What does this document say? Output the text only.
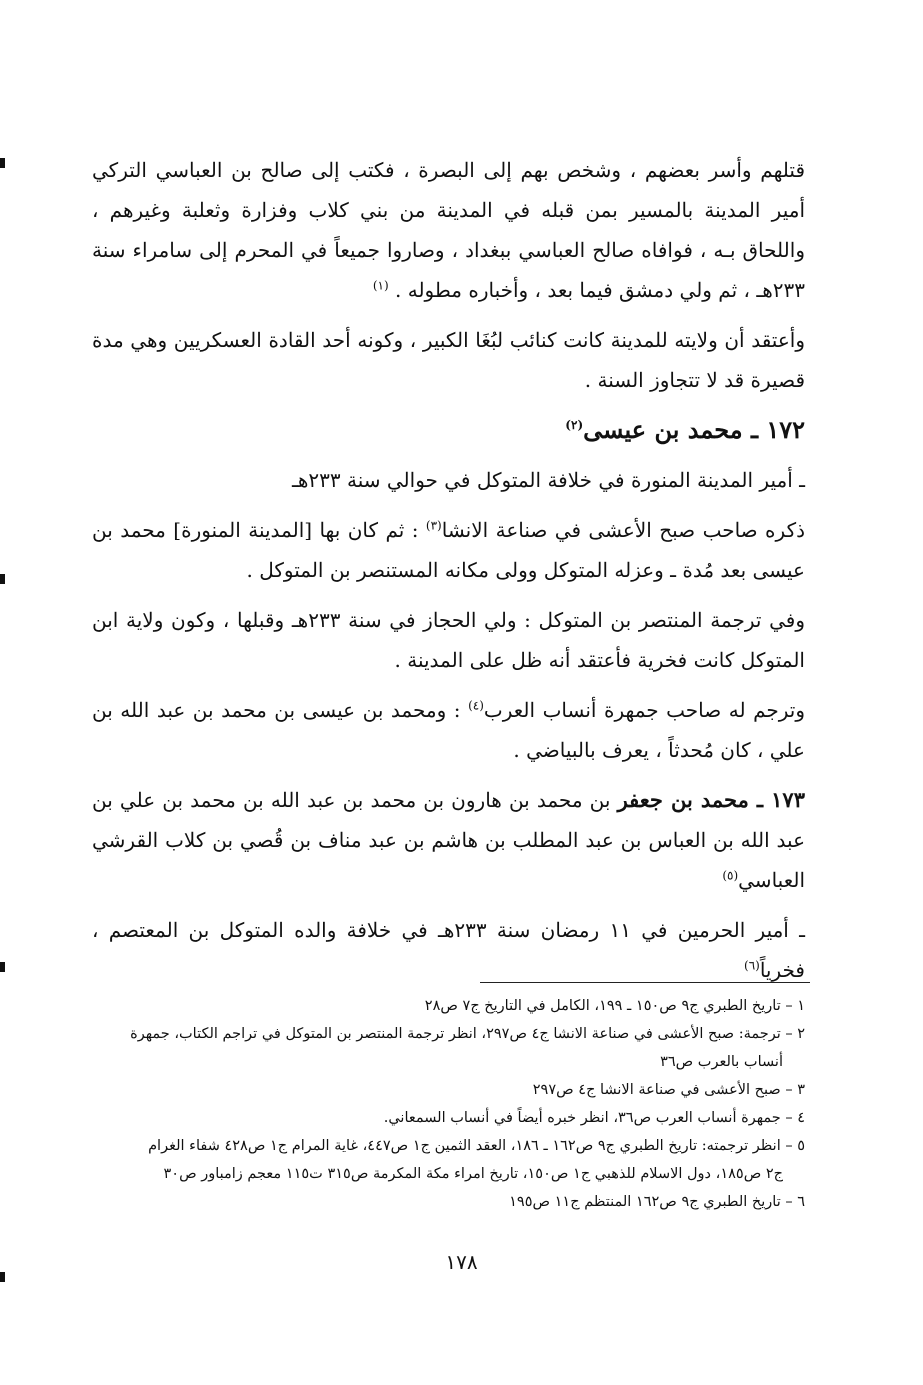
قتلهم وأسر بعضهم ، وشخص بهم إلى البصرة ، فكتب إلى صالح بن العباسي التركي أمير المدينة بالمسير بمن قبله في المدينة من بني كلاب وفزارة وثعلبة وغيرهم ، واللحاق بـه ، فوافاه صالح العباسي ببغداد ، وصاروا جميعاً في المحرم إلى سامراء سنة ٢٣٣هـ ، ثم ولي دمشق فيما بعد ، وأخباره مطوله . $^{(١)}$

وأعتقد أن ولايته للمدينة كانت كنائب لبُغَا الكبير ، وكونه أحد القادة العسكريين وهي مدة قصيرة قد لا تتجاوز السنة .

١٧٢ ـ محمد بن عيسى$^{(٢)}$

ـ أمير المدينة المنورة في خلافة المتوكل في حوالي سنة ٢٣٣هـ

ذكره صاحب صبح الأعشى في صناعة الانشا$^{(٣)}$ : ثم كان بها [المدينة المنورة] محمد بن عيسى بعد مُدة ـ وعزله المتوكل وولى مكانه المستنصر بن المتوكل .

وفي ترجمة المنتصر بن المتوكل : ولي الحجاز في سنة ٢٣٣هـ وقبلها ، وكون ولاية ابن المتوكل كانت فخرية فأعتقد أنه ظل على المدينة .

وترجم له صاحب جمهرة أنساب العرب$^{(٤)}$ : ومحمد بن عيسى بن محمد بن عبد الله بن علي ، كان مُحدثاً ، يعرف بالبياضي .

١٧٣ ـ محمد بن جعفر بن محمد بن هارون بن محمد بن عبد الله بن محمد بن علي بن عبد الله بن العباس بن عبد المطلب بن هاشم بن عبد مناف بن قُصي بن كلاب القرشي العباسي$^{(٥)}$

ـ أمير الحرمين في ١١ رمضان سنة ٢٣٣هـ في خلافة والده المتوكل بن المعتصم ، فخرياً$^{(٦)}$

١ – تاريخ الطبري ج٩ ص١٥٠ ـ ١٩٩، الكامل في التاريخ ج٧ ص٢٨

٢ – ترجمة: صبح الأعشى في صناعة الانشا ج٤ ص٢٩٧، انظر ترجمة المنتصر بن المتوكل في تراجم الكتاب، جمهرة

أنساب بالعرب ص٣٦

٣ – صبح الأعشى في صناعة الانشا ج٤ ص٢٩٧

٤ – جمهرة أنساب العرب ص٣٦، انظر خبره أيضاً في أنساب السمعاني.

٥ – انظر ترجمته: تاريخ الطبري ج٩ ص١٦٢ ـ ١٨٦، العقد الثمين ج١ ص٤٤٧، غاية المرام ج١ ص٤٢٨ شفاء الغرام

ج٢ ص١٨٥، دول الاسلام للذهبي ج١ ص١٥٠، تاريخ امراء مكة المكرمة ص٣١٥ ت١١٥ معجم زامباور ص٣٠

٦ – تاريخ الطبري ج٩ ص١٦٢ المنتظم ج١١ ص١٩٥

١٧٨
